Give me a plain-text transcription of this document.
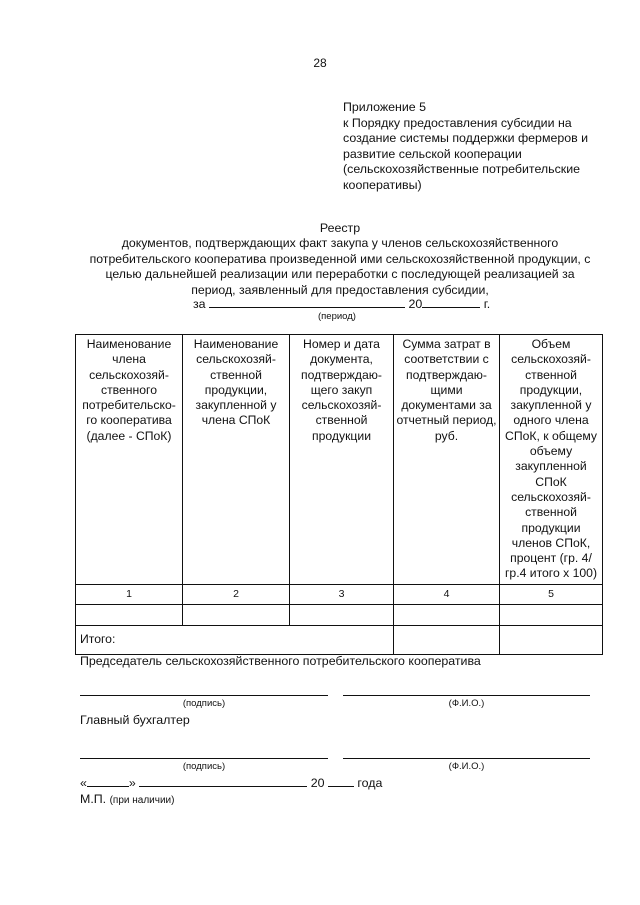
28
Приложение 5
к Порядку предоставления субсидии на
создание системы поддержки фермеров и
развитие сельской кооперации
(сельскохозяйственные потребительские
кооперативы)
Реестр
документов, подтверждающих факт закупа у членов сельскохозяйственного
потребительского кооператива произведенной ими сельскохозяйственной продукции, с
целью дальнейшей реализации или переработки с последующей реализацией за
период, заявленный для предоставления субсидии,
за	20	г.
(период)
Наименование члена сельскохозяй-ственного потребительско-го кооператива (далее - СПоК)	Наименование сельскохозяй-ственной продукции, закупленной у члена СПоК	Номер и дата документа, подтверждаю-щего закуп сельскохозяй-ственной продукции	Сумма затрат в соответствии с подтверждаю-щими документами за отчетный период, руб.	Объем сельскохозяй-ственной продукции, закупленной у одного члена СПоК, к общему объему закупленной СПоК сельскохозяй-ственной продукции членов СПоК, процент (гр. 4/ гр.4 итого х 100)
1	2	3	4	5

Итого:				
Председатель сельскохозяйственного потребительского кооператива
(подпись)	(Ф.И.О.)
Главный бухгалтер
(подпись)	(Ф.И.О.)
«	»	20	года
М.П. (при наличии)
